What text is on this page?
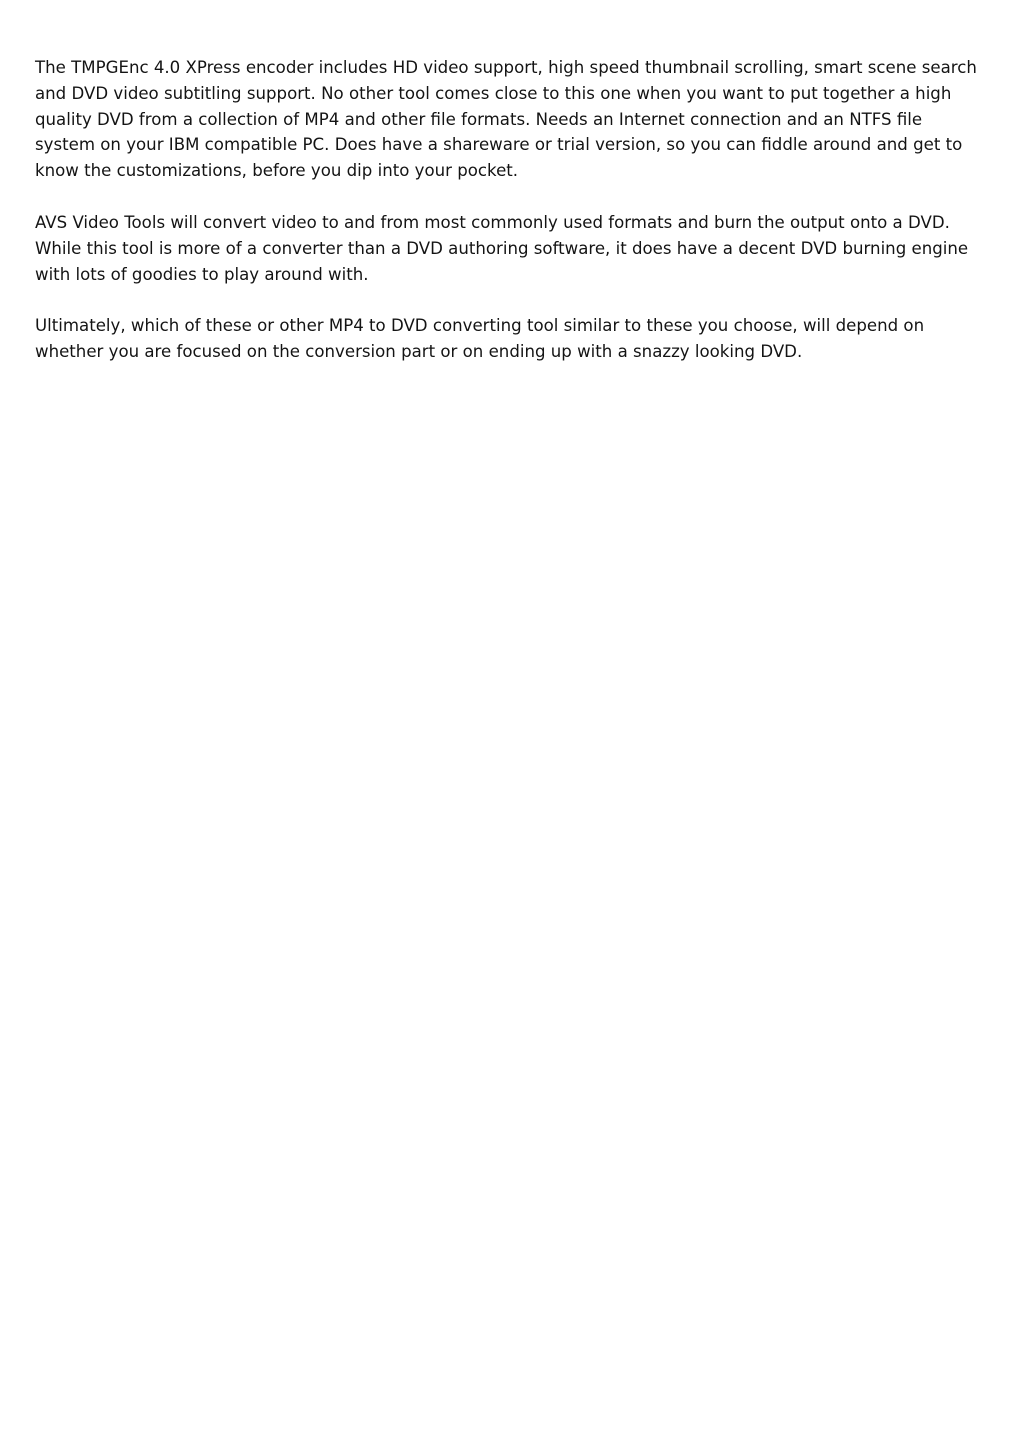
The TMPGEnc 4.0 XPress encoder includes HD video support, high speed thumbnail scrolling, smart scene search and DVD video subtitling support. No other tool comes close to this one when you want to put together a high quality DVD from a collection of MP4 and other file formats. Needs an Internet connection and an NTFS file system on your IBM compatible PC. Does have a shareware or trial version, so you can fiddle around and get to know the customizations, before you dip into your pocket.

AVS Video Tools will convert video to and from most commonly used formats and burn the output onto a DVD. While this tool is more of a converter than a DVD authoring software, it does have a decent DVD burning engine with lots of goodies to play around with.

Ultimately, which of these or other MP4 to DVD converting tool similar to these you choose, will depend on whether you are focused on the conversion part or on ending up with a snazzy looking DVD.
